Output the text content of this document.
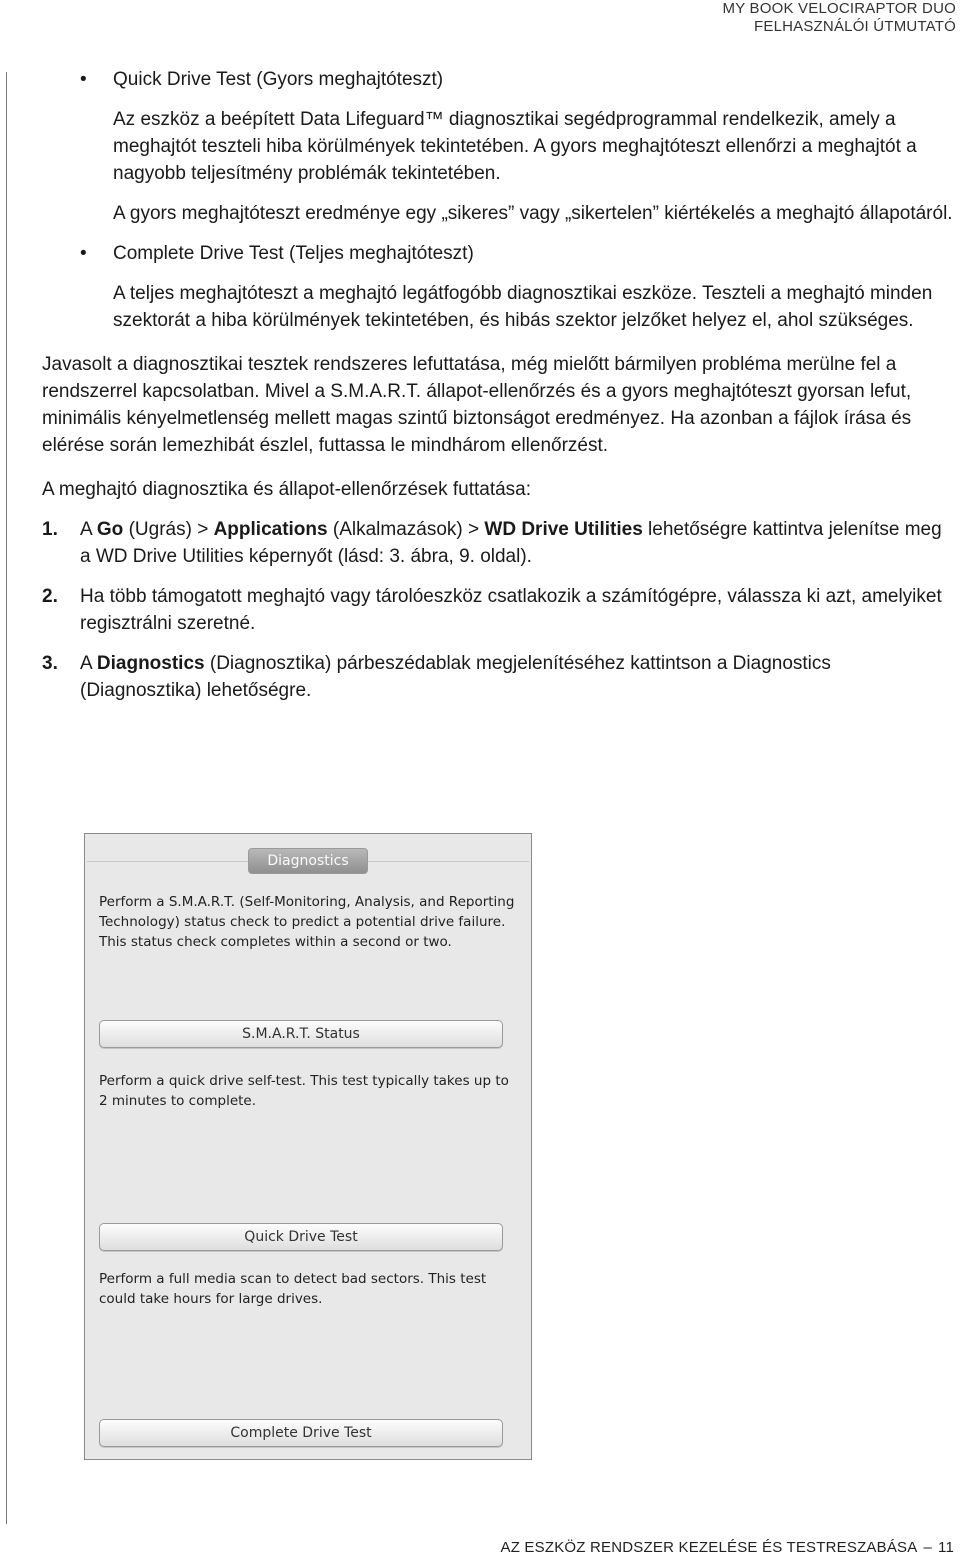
MY BOOK VELOCIRAPTOR DUO
FELHASZNÁLÓI ÚTMUTATÓ
• Quick Drive Test (Gyors meghajtóteszt)

Az eszköz a beépített Data Lifeguard™ diagnosztikai segédprogrammal rendelkezik, amely a meghajtót teszteli hiba körülmények tekintetében. A gyors meghajtóteszt ellenőrzi a meghajtót a nagyobb teljesítmény problémák tekintetében.

A gyors meghajtóteszt eredménye egy „sikeres” vagy „sikertelen” kiértékelés a meghajtó állapotáról.

• Complete Drive Test (Teljes meghajtóteszt)

A teljes meghajtóteszt a meghajtó legátfogóbb diagnosztikai eszköze. Teszteli a meghajtó minden szektorát a hiba körülmények tekintetében, és hibás szektor jelzőket helyez el, ahol szükséges.

Javasolt a diagnosztikai tesztek rendszeres lefuttatása, még mielőtt bármilyen probléma merülne fel a rendszerrel kapcsolatban. Mivel a S.M.A.R.T. állapot-ellenőrzés és a gyors meghajtóteszt gyorsan lefut, minimális kényelmetlenség mellett magas szintű biztonságot eredményez. Ha azonban a fájlok írása és elérése során lemezhibát észlel, futtassa le mindhárom ellenőrzést.

A meghajtó diagnosztika és állapot-ellenőrzések futtatása:

1. A Go (Ugrás) > Applications (Alkalmazások) > WD Drive Utilities lehetőségre kattintva jelenítse meg a WD Drive Utilities képernyőt (lásd: 3. ábra, 9. oldal).

2. Ha több támogatott meghajtó vagy tárolóeszköz csatlakozik a számítógépre, válassza ki azt, amelyiket regisztrálni szeretné.

3. A Diagnostics (Diagnosztika) párbeszédablak megjelenítéséhez kattintson a Diagnostics (Diagnosztika) lehetőségre.

Perform a S.M.A.R.T. (Self-Monitoring, Analysis, and Reporting Technology) status check to predict a potential drive failure. This status check completes within a second or two.
S.M.A.R.T. Status
Perform a quick drive self-test. This test typically takes up to 2 minutes to complete.
Quick Drive Test
Perform a full media scan to detect bad sectors. This test could take hours for large drives.
Complete Drive Test
Diagnostics
AZ ESZKÖZ RENDSZER KEZELÉSE ÉS TESTRESZABÁSA – 11
